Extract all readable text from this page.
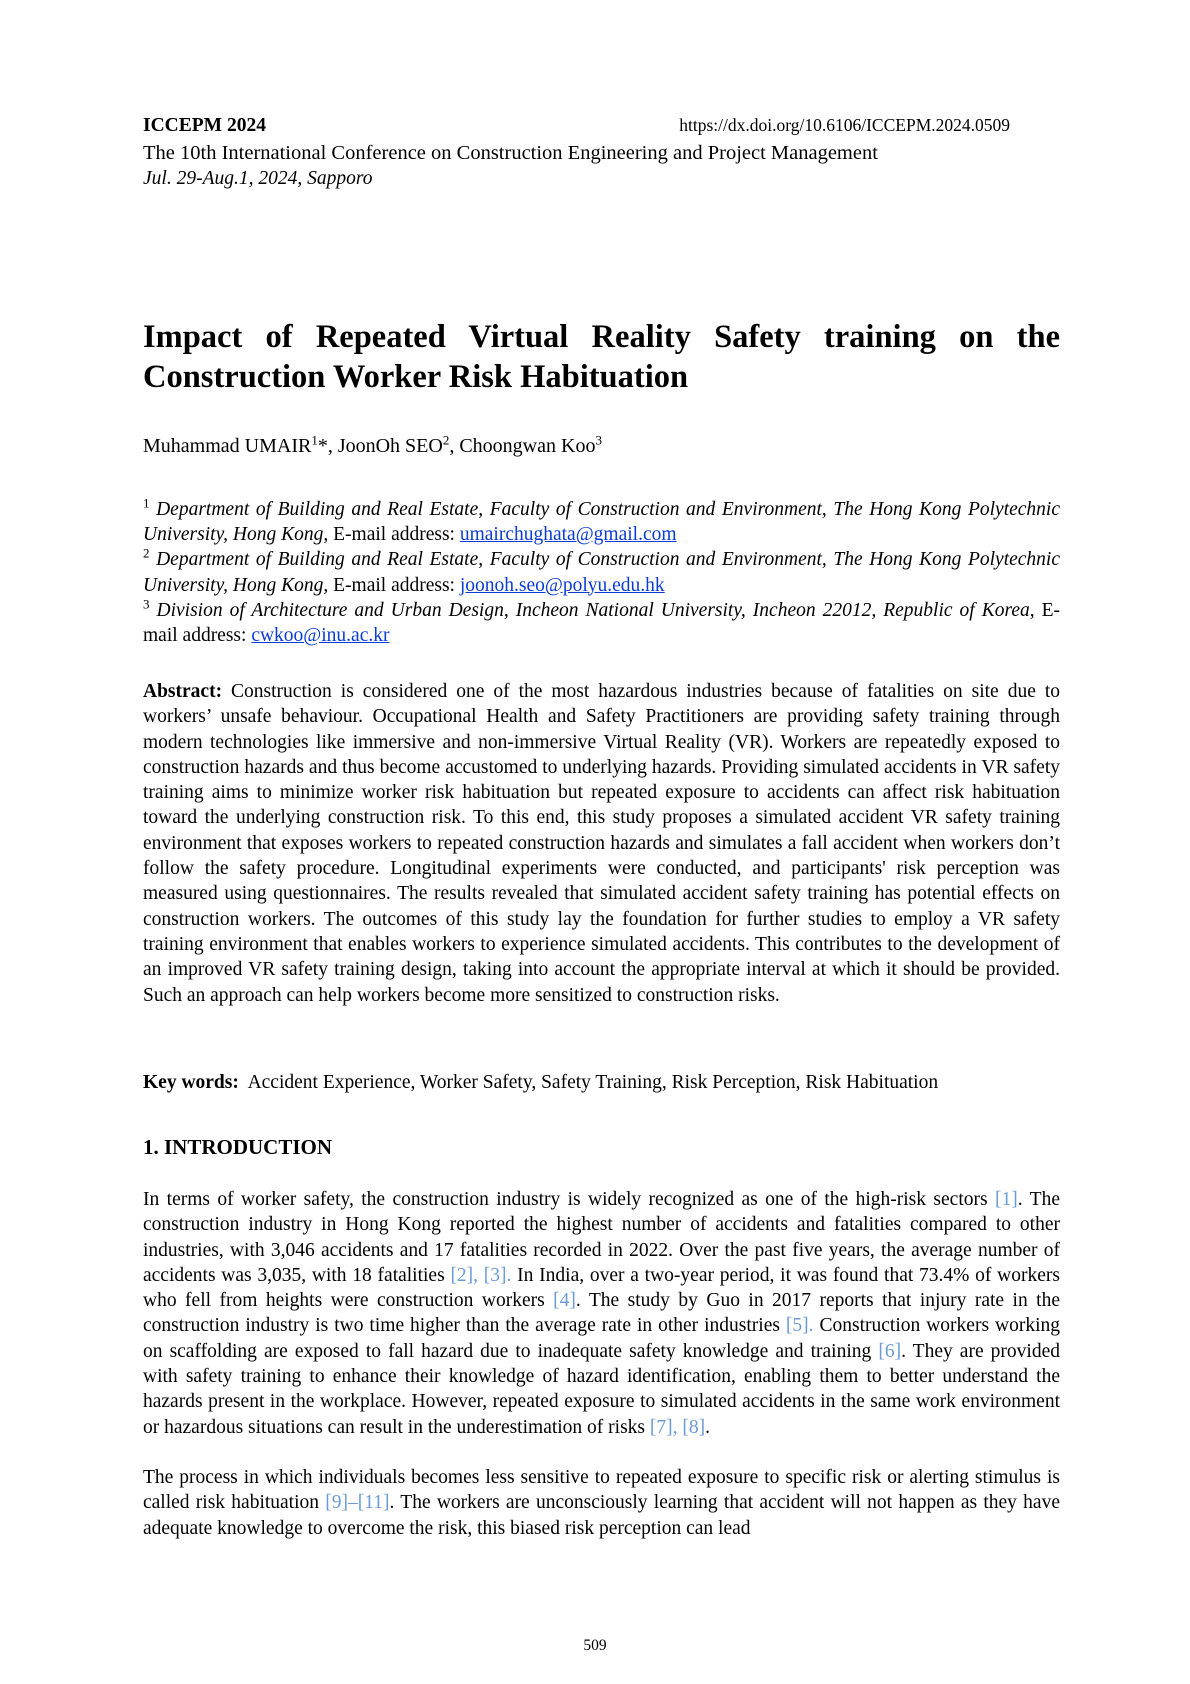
ICCEPM 2024	https://dx.doi.org/10.6106/ICCEPM.2024.0509
The 10th International Conference on Construction Engineering and Project Management
Jul. 29-Aug.1, 2024, Sapporo
Impact of Repeated Virtual Reality Safety training on the Construction Worker Risk Habituation
Muhammad UMAIR$^1$*, JoonOh SEO$^2$, Choongwan Koo$^3$

$^1$ Department of Building and Real Estate, Faculty of Construction and Environment, The Hong Kong Polytechnic University, Hong Kong, E-mail address: umairchughata@gmail.com

$^2$ Department of Building and Real Estate, Faculty of Construction and Environment, The Hong Kong Polytechnic University, Hong Kong, E-mail address: joonoh.seo@polyu.edu.hk

$^3$ Division of Architecture and Urban Design, Incheon National University, Incheon 22012, Republic of Korea, E-mail address: cwkoo@inu.ac.kr

Abstract: Construction is considered one of the most hazardous industries because of fatalities on site due to workers’ unsafe behaviour. Occupational Health and Safety Practitioners are providing safety training through modern technologies like immersive and non-immersive Virtual Reality (VR). Workers are repeatedly exposed to construction hazards and thus become accustomed to underlying hazards. Providing simulated accidents in VR safety training aims to minimize worker risk habituation but repeated exposure to accidents can affect risk habituation toward the underlying construction risk. To this end, this study proposes a simulated accident VR safety training environment that exposes workers to repeated construction hazards and simulates a fall accident when workers don’t follow the safety procedure. Longitudinal experiments were conducted, and participants' risk perception was measured using questionnaires. The results revealed that simulated accident safety training has potential effects on construction workers. The outcomes of this study lay the foundation for further studies to employ a VR safety training environment that enables workers to experience simulated accidents. This contributes to the development of an improved VR safety training design, taking into account the appropriate interval at which it should be provided. Such an approach can help workers become more sensitized to construction risks.
Key words: Accident Experience, Worker Safety, Safety Training, Risk Perception, Risk Habituation
1. INTRODUCTION

In terms of worker safety, the construction industry is widely recognized as one of the high-risk sectors [1]. The construction industry in Hong Kong reported the highest number of accidents and fatalities compared to other industries, with 3,046 accidents and 17 fatalities recorded in 2022. Over the past five years, the average number of accidents was 3,035, with 18 fatalities [2], [3]. In India, over a two-year period, it was found that 73.4% of workers who fell from heights were construction workers [4]. The study by Guo in 2017 reports that injury rate in the construction industry is two time higher than the average rate in other industries [5]. Construction workers working on scaffolding are exposed to fall hazard due to inadequate safety knowledge and training [6]. They are provided with safety training to enhance their knowledge of hazard identification, enabling them to better understand the hazards present in the workplace. However, repeated exposure to simulated accidents in the same work environment or hazardous situations can result in the underestimation of risks [7], [8].

The process in which individuals becomes less sensitive to repeated exposure to specific risk or alerting stimulus is called risk habituation [9]–[11]. The workers are unconsciously learning that accident will not happen as they have adequate knowledge to overcome the risk, this biased risk perception can lead

509
